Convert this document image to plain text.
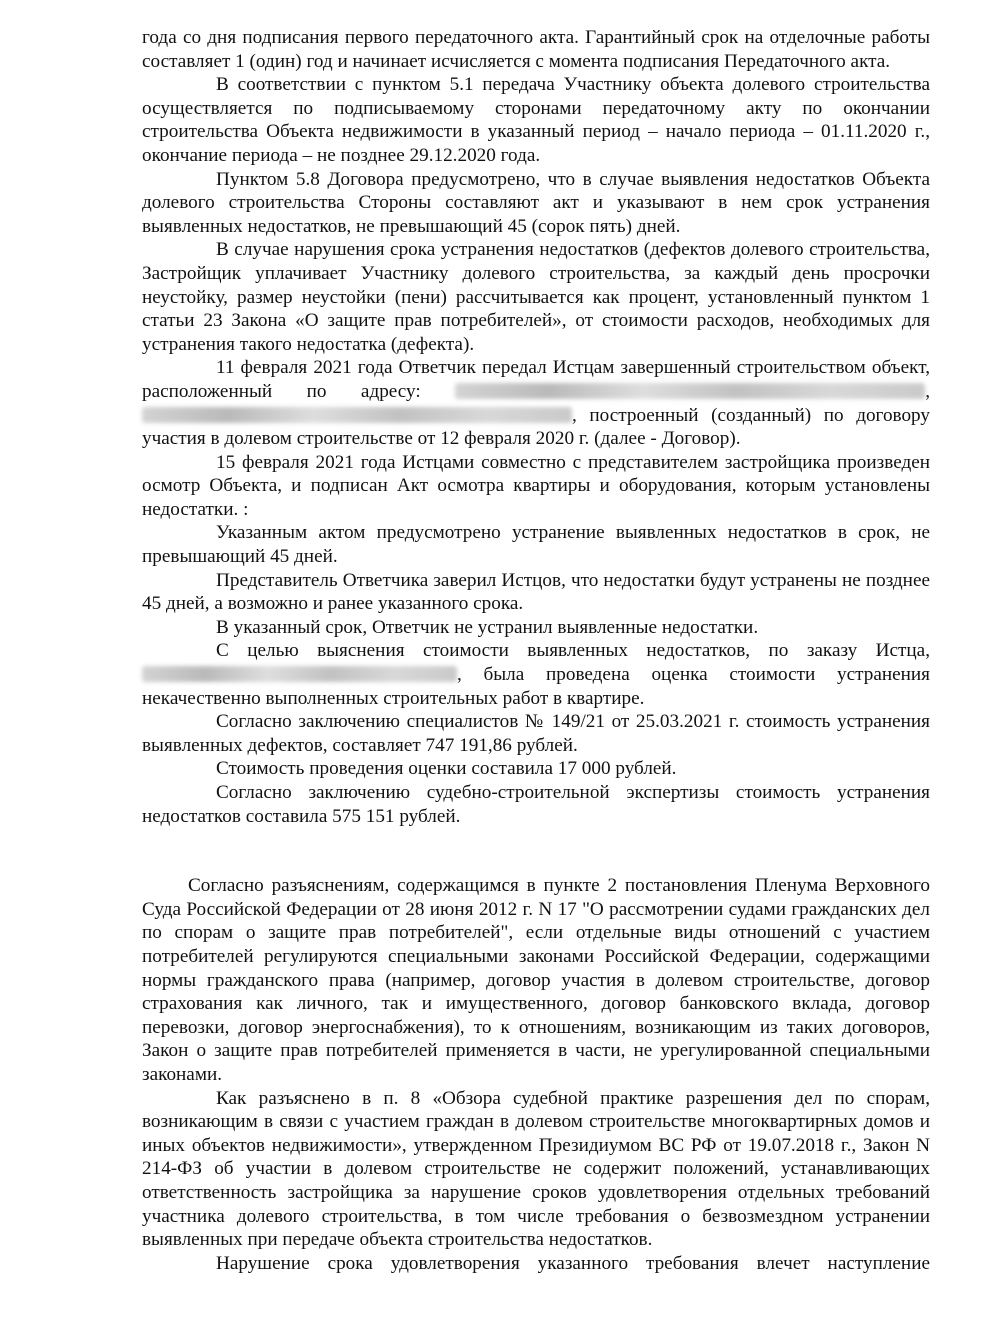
года со дня подписания первого передаточного акта. Гарантийный срок на отделочные работы составляет 1 (один) год и начинает исчисляется с момента подписания Передаточного акта.

В соответствии с пунктом 5.1 передача Участнику объекта долевого строительства осуществляется по подписываемому сторонами передаточному акту по окончании строительства Объекта недвижимости в указанный период – начало периода – 01.11.2020 г., окончание периода – не позднее 29.12.2020 года.

Пунктом 5.8 Договора предусмотрено, что в случае выявления недостатков Объекта долевого строительства Стороны составляют акт и указывают в нем срок устранения выявленных недостатков, не превышающий 45 (сорок пять) дней.

В случае нарушения срока устранения недостатков (дефектов долевого строительства, Застройщик уплачивает Участнику долевого строительства, за каждый день просрочки неустойку, размер неустойки (пени) рассчитывается как процент, установленный пунктом 1 статьи 23 Закона «О защите прав потребителей», от стоимости расходов, необходимых для устранения такого недостатка (дефекта).

11 февраля 2021 года Ответчик передал Истцам завершенный строительством объект, расположенный по адресу:	, , построенный (созданный) по договору участия в долевом строительстве от 12 февраля 2020 г. (далее - Договор).

15 февраля 2021 года Истцами совместно с представителем застройщика произведен осмотр Объекта, и подписан Акт осмотра квартиры и оборудования, которым установлены недостатки. :

Указанным актом предусмотрено устранение выявленных недостатков в срок, не превышающий 45 дней.

Представитель Ответчика заверил Истцов, что недостатки будут устранены не позднее 45 дней, а возможно и ранее указанного срока.

В указанный срок, Ответчик не устранил выявленные недостатки.

С целью выяснения стоимости выявленных недостатков, по заказу Истца, , была проведена оценка стоимости устранения некачественно выполненных строительных работ в квартире.

Согласно заключению специалистов № 149/21 от 25.03.2021 г. стоимость устранения выявленных дефектов, составляет 747 191,86 рублей.

Стоимость проведения оценки составила 17 000 рублей.

Согласно заключению судебно-строительной экспертизы стоимость устранения недостатков составила 575 151 рублей.

Согласно разъяснениям, содержащимся в пункте 2 постановления Пленума Верховного Суда Российской Федерации от 28 июня 2012 г. N 17 "О рассмотрении судами гражданских дел по спорам о защите прав потребителей", если отдельные виды отношений с участием потребителей регулируются специальными законами Российской Федерации, содержащими нормы гражданского права (например, договор участия в долевом строительстве, договор страхования как личного, так и имущественного, договор банковского вклада, договор перевозки, договор энергоснабжения), то к отношениям, возникающим из таких договоров, Закон о защите прав потребителей применяется в части, не урегулированной специальными законами.

Как разъяснено в п. 8 «Обзора судебной практике разрешения дел по спорам, возникающим в связи с участием граждан в долевом строительстве многоквартирных домов и иных объектов недвижимости», утвержденном Президиумом ВС РФ от 19.07.2018 г., Закон N 214-ФЗ об участии в долевом строительстве не содержит положений, устанавливающих ответственность застройщика за нарушение сроков удовлетворения отдельных требований участника долевого строительства, в том числе требования о безвозмездном устранении выявленных при передаче объекта строительства недостатков.

Нарушение срока удовлетворения указанного требования влечет наступление
